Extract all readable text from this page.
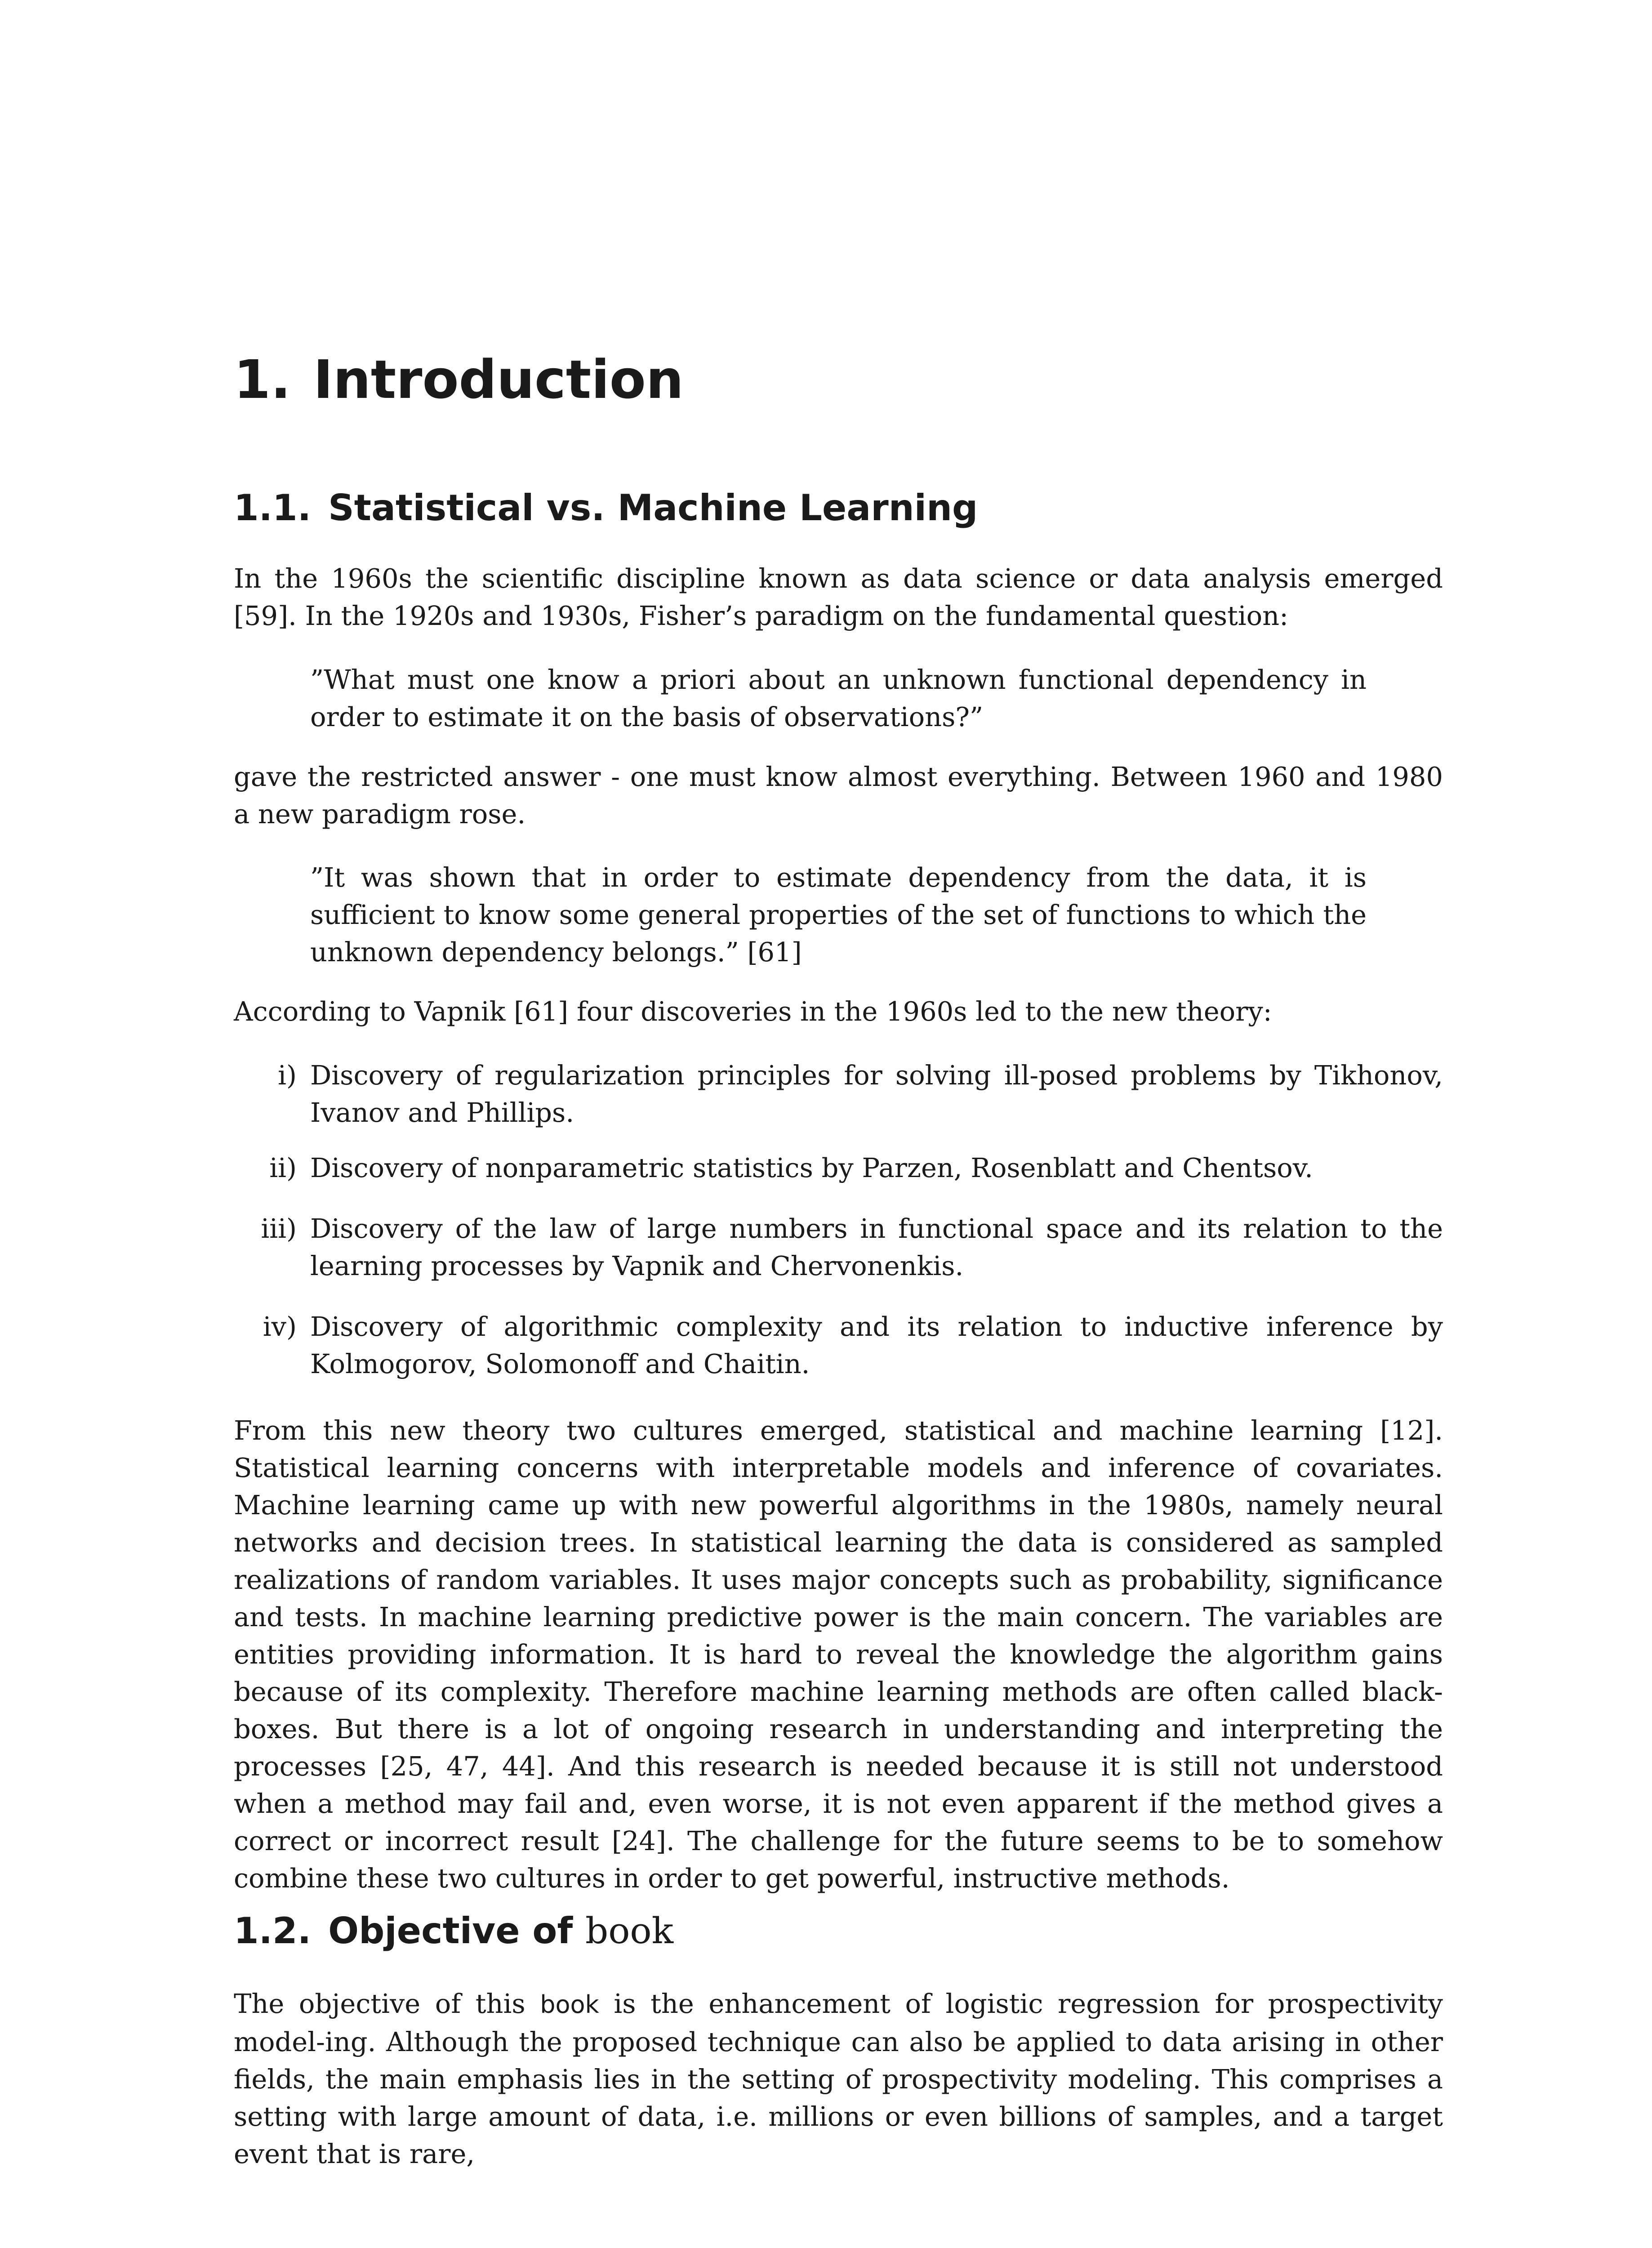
1. Introduction
1.1. Statistical vs. Machine Learning

In the 1960s the scientific discipline known as data science or data analysis emerged [59]. In the 1920s and 1930s, Fisher’s paradigm on the fundamental question:

”What must one know a priori about an unknown functional dependency in order to estimate it on the basis of observations?”

gave the restricted answer - one must know almost everything. Between 1960 and 1980 a new paradigm rose.

”It was shown that in order to estimate dependency from the data, it is sufficient to know some general properties of the set of functions to which the unknown dependency belongs.” [61]

According to Vapnik [61] four discoveries in the 1960s led to the new theory:

i) Discovery of regularization principles for solving ill-posed problems by Tikhonov, Ivanov and Phillips.
ii) Discovery of nonparametric statistics by Parzen, Rosenblatt and Chentsov.
iii) Discovery of the law of large numbers in functional space and its relation to the learning processes by Vapnik and Chervonenkis.
iv) Discovery of algorithmic complexity and its relation to inductive inference by Kolmogorov, Solomonoff and Chaitin.

From this new theory two cultures emerged, statistical and machine learning [12]. Statistical learning concerns with interpretable models and inference of covariates. Machine learning came up with new powerful algorithms in the 1980s, namely neural networks and decision trees. In statistical learning the data is considered as sampled realizations of random variables. It uses major concepts such as probability, significance and tests. In machine learning predictive power is the main concern. The variables are entities providing information. It is hard to reveal the knowledge the algorithm gains because of its complexity. Therefore machine learning methods are often called black-boxes. But there is a lot of ongoing research in understanding and interpreting the processes [25, 47, 44]. And this research is needed because it is still not understood when a method may fail and, even worse, it is not even apparent if the method gives a correct or incorrect result [24]. The challenge for the future seems to be to somehow combine these two cultures in order to get powerful, instructive methods.

1.2. Objective of book

The objective of this book is the enhancement of logistic regression for prospectivity model-ing. Although the proposed technique can also be applied to data arising in other fields, the main emphasis lies in the setting of prospectivity modeling. This comprises a setting with large amount of data, i.e. millions or even billions of samples, and a target event that is rare,
